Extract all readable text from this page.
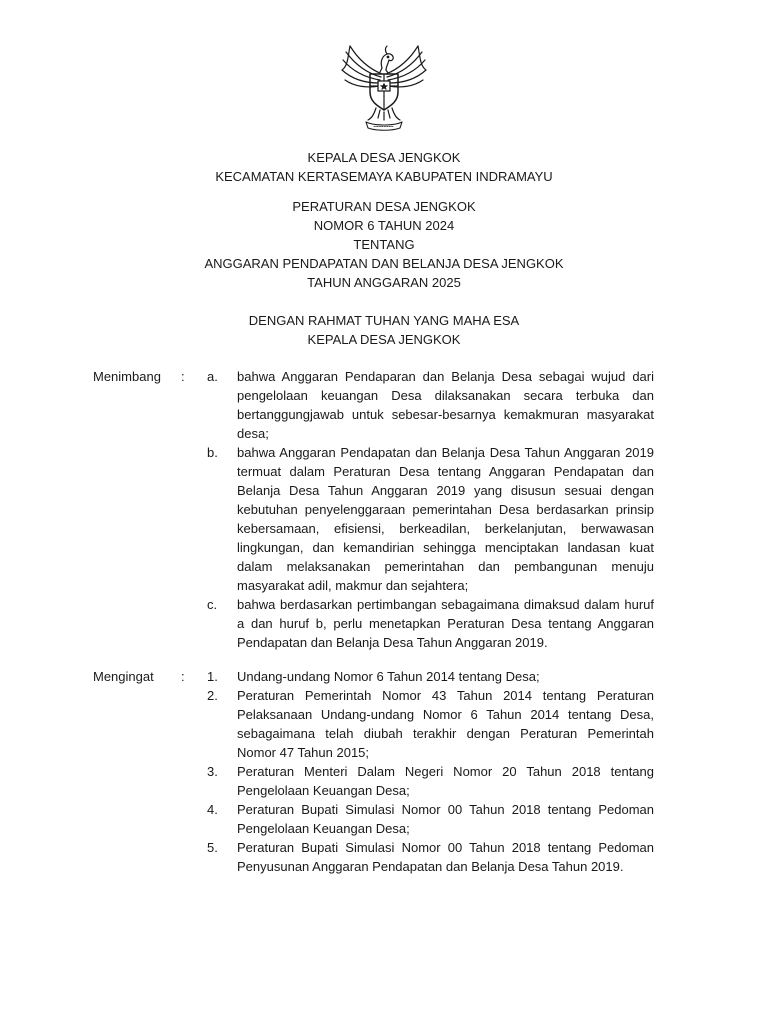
KEPALA DESA JENGKOK
KECAMATAN KERTASEMAYA KABUPATEN INDRAMAYU
PERATURAN DESA JENGKOK
NOMOR 6 TAHUN 2024
TENTANG
ANGGARAN PENDAPATAN DAN BELANJA DESA JENGKOK
TAHUN ANGGARAN 2025
DENGAN RAHMAT TUHAN YANG MAHA ESA
KEPALA DESA JENGKOK
Menimbang : a. bahwa Anggaran Pendaparan dan Belanja Desa sebagai wujud dari pengelolaan keuangan Desa dilaksanakan secara terbuka dan bertanggungjawab untuk sebesar-besarnya kemakmuran masyarakat desa;
b. bahwa Anggaran Pendapatan dan Belanja Desa Tahun Anggaran 2019 termuat dalam Peraturan Desa tentang Anggaran Pendapatan dan Belanja Desa Tahun Anggaran 2019 yang disusun sesuai dengan kebutuhan penyelenggaraan pemerintahan Desa berdasarkan prinsip kebersamaan, efisiensi, berkeadilan, berkelanjutan, berwawasan lingkungan, dan kemandirian sehingga menciptakan landasan kuat dalam melaksanakan pemerintahan dan pembangunan menuju masyarakat adil, makmur dan sejahtera;
c. bahwa berdasarkan pertimbangan sebagaimana dimaksud dalam huruf a dan huruf b, perlu menetapkan Peraturan Desa tentang Anggaran Pendapatan dan Belanja Desa Tahun Anggaran 2019.
Mengingat : 1. Undang-undang Nomor 6 Tahun 2014 tentang Desa;
2. Peraturan Pemerintah Nomor 43 Tahun 2014 tentang Peraturan Pelaksanaan Undang-undang Nomor 6 Tahun 2014 tentang Desa, sebagaimana telah diubah terakhir dengan Peraturan Pemerintah Nomor 47 Tahun 2015;
3. Peraturan Menteri Dalam Negeri Nomor 20 Tahun 2018 tentang Pengelolaan Keuangan Desa;
4. Peraturan Bupati Simulasi Nomor 00 Tahun 2018 tentang Pedoman Pengelolaan Keuangan Desa;
5. Peraturan Bupati Simulasi Nomor 00 Tahun 2018 tentang Pedoman Penyusunan Anggaran Pendapatan dan Belanja Desa Tahun 2019.
